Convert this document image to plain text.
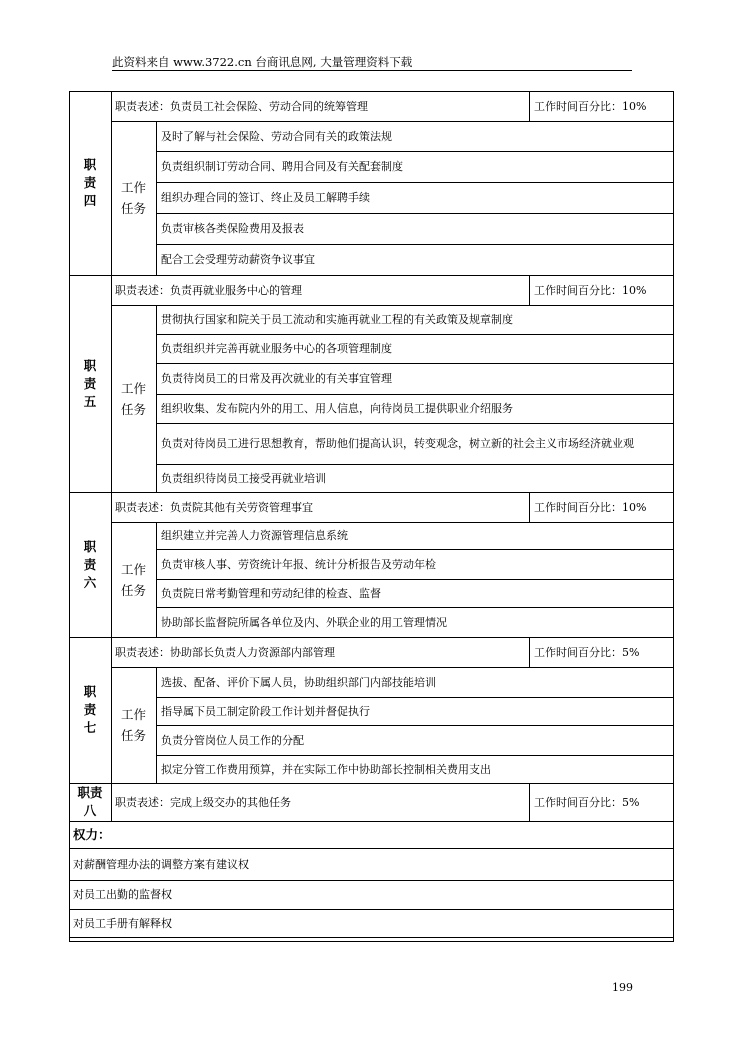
此资料来自 www.3722.cn 台商讯息网, 大量管理资料下载
职
责
四
职责表述：负责员工社会保险、劳动合同的统筹管理	工作时间百分比：10%
工作
任务
及时了解与社会保险、劳动合同有关的政策法规
负责组织制订劳动合同、聘用合同及有关配套制度
组织办理合同的签订、终止及员工解聘手续
负责审核各类保险费用及报表
配合工会受理劳动薪资争议事宜
职
责
五
职责表述：负责再就业服务中心的管理	工作时间百分比：10%
工作
任务
贯彻执行国家和院关于员工流动和实施再就业工程的有关政策及规章制度
负责组织并完善再就业服务中心的各项管理制度
负责待岗员工的日常及再次就业的有关事宜管理
组织收集、发布院内外的用工、用人信息，向待岗员工提供职业介绍服务
负责对待岗员工进行思想教育，帮助他们提高认识，转变观念，树立新的社会主义市场经济就业观
负责组织待岗员工接受再就业培训
职
责
六
职责表述：负责院其他有关劳资管理事宜	工作时间百分比：10%
工作
任务
组织建立并完善人力资源管理信息系统
负责审核人事、劳资统计年报、统计分析报告及劳动年检
负责院日常考勤管理和劳动纪律的检查、监督
协助部长监督院所属各单位及内、外联企业的用工管理情况
职
责
七
职责表述：协助部长负责人力资源部内部管理	工作时间百分比：5%
工作
任务
选拔、配备、评价下属人员，协助组织部门内部技能培训
指导属下员工制定阶段工作计划并督促执行
负责分管岗位人员工作的分配
拟定分管工作费用预算，并在实际工作中协助部长控制相关费用支出
职责
八
职责表述：完成上级交办的其他任务	工作时间百分比：5%
权力：
对薪酬管理办法的调整方案有建议权
对员工出勤的监督权
对员工手册有解释权
199
